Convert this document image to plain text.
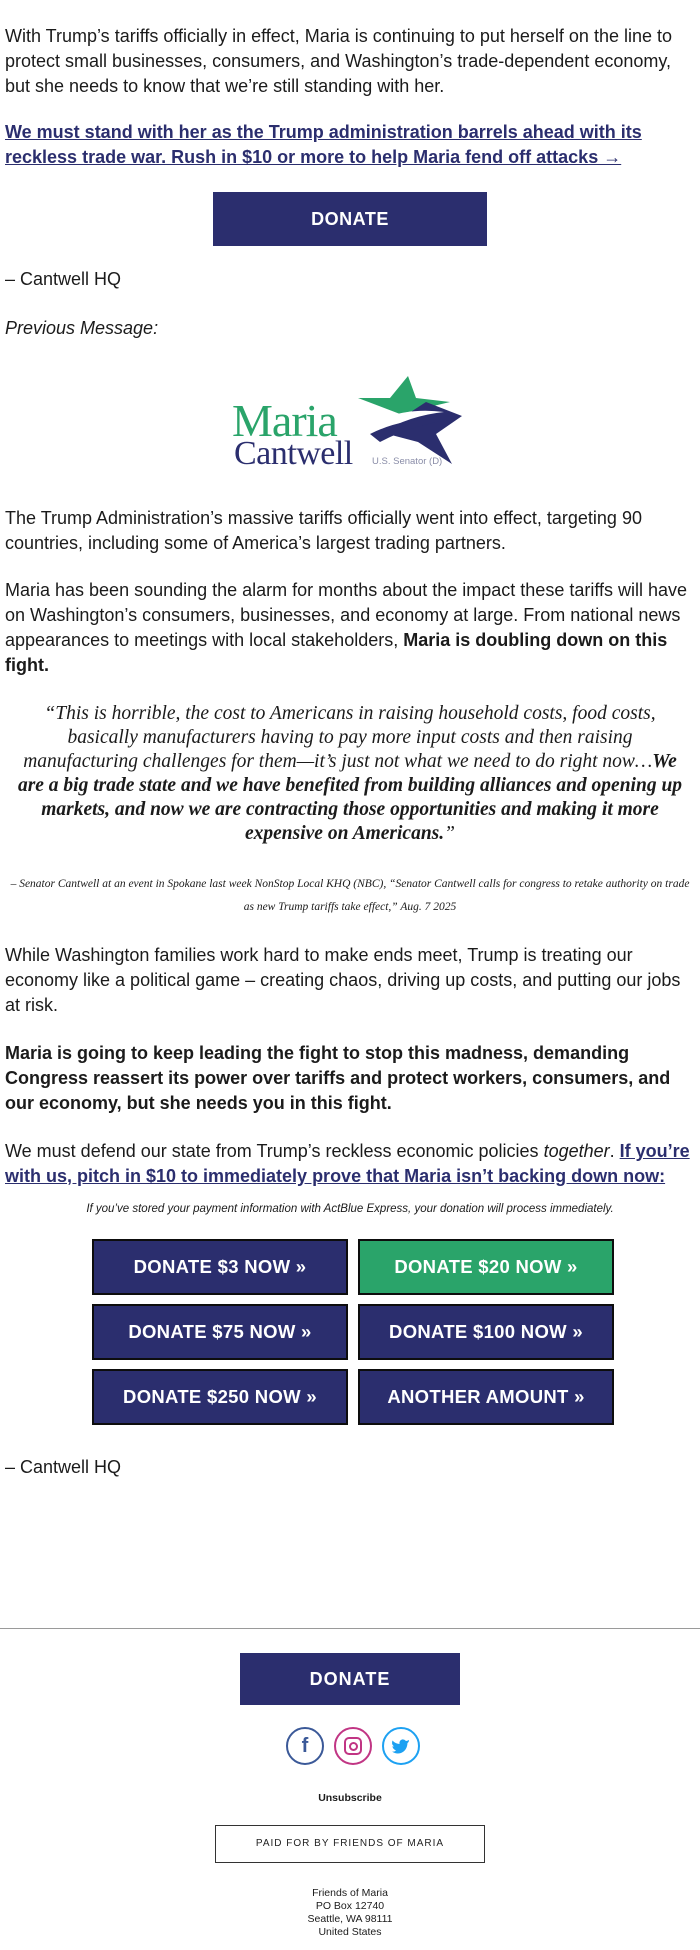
With Trump’s tariffs officially in effect, Maria is continuing to put herself on the line to protect small businesses, consumers, and Washington’s trade-dependent economy, but she needs to know that we’re still standing with her.

We must stand with her as the Trump administration barrels ahead with its reckless trade war. Rush in $10 or more to help Maria fend off attacks →

DONATE

– Cantwell HQ

Previous Message:

Maria
Cantwell U.S. Senator (D)

The Trump Administration’s massive tariffs officially went into effect, targeting 90 countries, including some of America’s largest trading partners.

Maria has been sounding the alarm for months about the impact these tariffs will have on Washington’s consumers, businesses, and economy at large. From national news appearances to meetings with local stakeholders, Maria is doubling down on this fight.

“This is horrible, the cost to Americans in raising household costs, food costs, basically manufacturers having to pay more input costs and then raising manufacturing challenges for them—it’s just not what we need to do right now…We are a big trade state and we have benefited from building alliances and opening up markets, and now we are contracting those opportunities and making it more expensive on Americans.”

– Senator Cantwell at an event in Spokane last week NonStop Local KHQ (NBC), “Senator Cantwell calls for congress to retake authority on trade as new Trump tariffs take effect,” Aug. 7 2025

While Washington families work hard to make ends meet, Trump is treating our economy like a political game – creating chaos, driving up costs, and putting our jobs at risk.

Maria is going to keep leading the fight to stop this madness, demanding Congress reassert its power over tariffs and protect workers, consumers, and our economy, but she needs you in this fight.

We must defend our state from Trump’s reckless economic policies together. If you’re with us, pitch in $10 to immediately prove that Maria isn’t backing down now:

If you’ve stored your payment information with ActBlue Express, your donation will process immediately.

DONATE $3 NOW »	DONATE $20 NOW »
DONATE $75 NOW »	DONATE $100 NOW »
DONATE $250 NOW »	ANOTHER AMOUNT »

– Cantwell HQ

DONATE
f
Unsubscribe
PAID FOR BY FRIENDS OF MARIA
Friends of Maria
PO Box 12740
Seattle, WA 98111
United States
